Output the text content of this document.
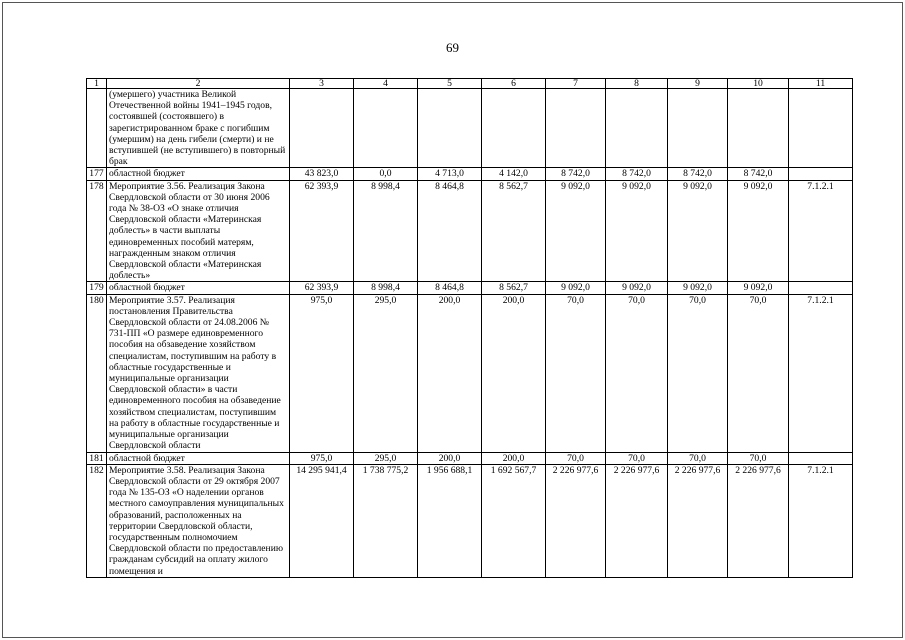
69
1	2	3	4	5	6	7	8	9	10	11
	(умершего) участника Великой Отечественной войны 1941–1945 годов, состоявшей (состоявшего) в зарегистрированном браке с погибшим (умершим) на день гибели (смерти) и не вступившей (не вступившего) в повторный брак									
177	областной бюджет	43 823,0	0,0	4 713,0	4 142,0	8 742,0	8 742,0	8 742,0	8 742,0	
178	Мероприятие 3.56. Реализация Закона Свердловской области от 30 июня 2006 года № 38-ОЗ «О знаке отличия Свердловской области «Материнская доблесть» в части выплаты единовременных пособий матерям, награжденным знаком отличия Свердловской области «Материнская доблесть»	62 393,9	8 998,4	8 464,8	8 562,7	9 092,0	9 092,0	9 092,0	9 092,0	7.1.2.1
179	областной бюджет	62 393,9	8 998,4	8 464,8	8 562,7	9 092,0	9 092,0	9 092,0	9 092,0	
180	Мероприятие 3.57. Реализация постановления Правительства Свердловской области от 24.08.2006 № 731-ПП «О размере единовременного пособия на обзаведение хозяйством специалистам, поступившим на работу в областные государственные и муниципальные организации Свердловской области» в части единовременного пособия на обзаведение хозяйством специалистам, поступившим на работу в областные государственные и муниципальные организации Свердловской области	975,0	295,0	200,0	200,0	70,0	70,0	70,0	70,0	7.1.2.1
181	областной бюджет	975,0	295,0	200,0	200,0	70,0	70,0	70,0	70,0	
182	Мероприятие 3.58. Реализация Закона Свердловской области от 29 октября 2007 года № 135-ОЗ «О наделении органов местного самоуправления муниципальных образований, расположенных на территории Свердловской области, государственным полномочием Свердловской области по предоставлению гражданам субсидий на оплату жилого помещения и	14 295 941,4	1 738 775,2	1 956 688,1	1 692 567,7	2 226 977,6	2 226 977,6	2 226 977,6	2 226 977,6	7.1.2.1
